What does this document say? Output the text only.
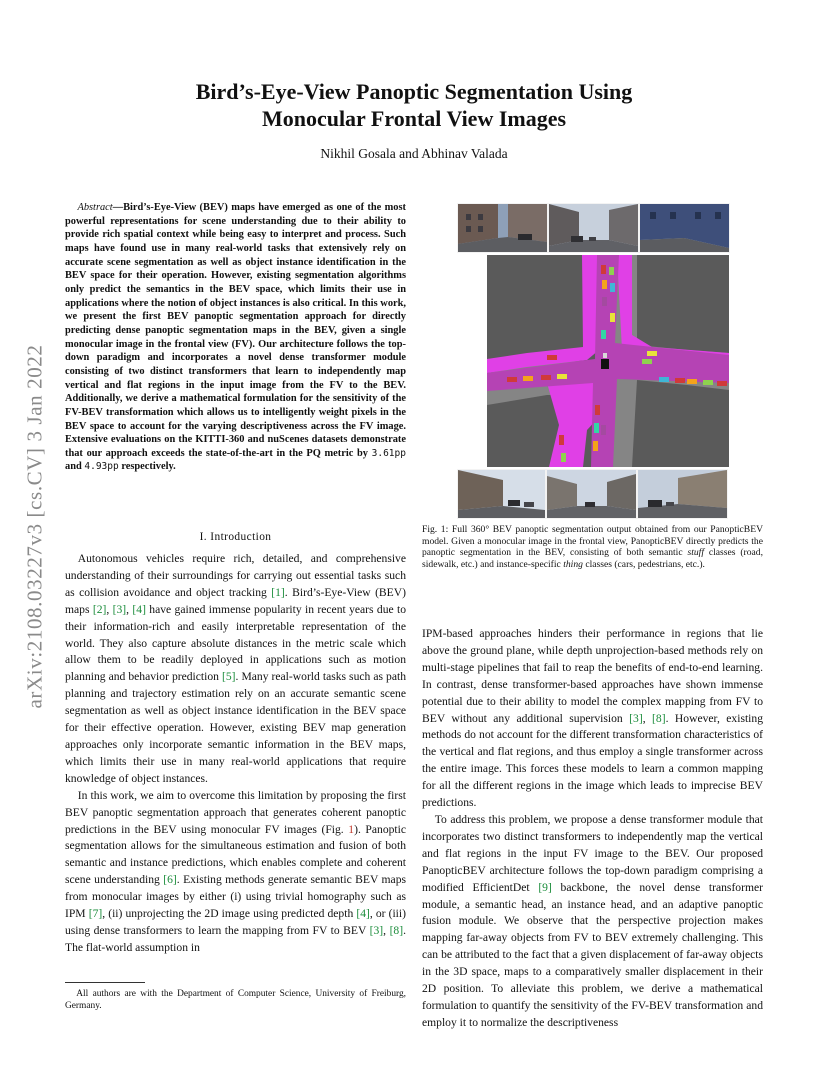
Bird’s-Eye-View Panoptic Segmentation Using
Monocular Frontal View Images
Nikhil Gosala and Abhinav Valada
arXiv:2108.03227v3 [cs.CV] 3 Jan 2022
Abstract—Bird’s-Eye-View (BEV) maps have emerged as one of the most powerful representations for scene understanding due to their ability to provide rich spatial context while being easy to interpret and process. Such maps have found use in many real-world tasks that extensively rely on accurate scene segmentation as well as object instance identification in the BEV space for their operation. However, existing segmentation algorithms only predict the semantics in the BEV space, which limits their use in applications where the notion of object instances is also critical. In this work, we present the first BEV panoptic segmentation approach for directly predicting dense panoptic segmentation maps in the BEV, given a single monocular image in the frontal view (FV). Our architecture follows the top-down paradigm and incorporates a novel dense transformer module consisting of two distinct transformers that learn to independently map vertical and flat regions in the input image from the FV to the BEV. Additionally, we derive a mathematical formulation for the sensitivity of the FV-BEV transformation which allows us to intelligently weight pixels in the BEV space to account for the varying descriptiveness across the FV image. Extensive evaluations on the KITTI-360 and nuScenes datasets demonstrate that our approach exceeds the state-of-the-art in the PQ metric by 3.61pp and 4.93pp respectively.
I. Introduction

Autonomous vehicles require rich, detailed, and comprehensive understanding of their surroundings for carrying out essential tasks such as collision avoidance and object tracking [1]. Bird’s-Eye-View (BEV) maps [2], [3], [4] have gained immense popularity in recent years due to their information-rich and easily interpretable representation of the world. They also capture absolute distances in the metric scale which allow them to be readily deployed in applications such as motion planning and behavior prediction [5]. Many real-world tasks such as path planning and trajectory estimation rely on an accurate semantic scene segmentation as well as object instance identification in the BEV space for their effective operation. However, existing BEV map generation approaches only incorporate semantic information in the BEV maps, which limits their use in many real-world applications that require knowledge of object instances.

In this work, we aim to overcome this limitation by proposing the first BEV panoptic segmentation approach that generates coherent panoptic predictions in the BEV using monocular FV images (Fig. 1). Panoptic segmentation allows for the simultaneous estimation and fusion of both semantic and instance predictions, which enables complete and coherent scene understanding [6]. Existing methods generate semantic BEV maps from monocular images by either (i) using trivial homography such as IPM [7], (ii) unprojecting the 2D image using predicted depth [4], or (iii) using dense transformers to learn the mapping from FV to BEV [3], [8]. The flat-world assumption in

All authors are with the Department of Computer Science, University of Freiburg, Germany.
Fig. 1: Full 360° BEV panoptic segmentation output obtained from our PanopticBEV model. Given a monocular image in the frontal view, PanopticBEV directly predicts the panoptic segmentation in the BEV, consisting of both semantic stuff classes (road, sidewalk, etc.) and instance-specific thing classes (cars, pedestrians, etc.).

IPM-based approaches hinders their performance in regions that lie above the ground plane, while depth unprojection-based methods rely on multi-stage pipelines that fail to reap the benefits of end-to-end learning. In contrast, dense transformer-based approaches have shown immense potential due to their ability to model the complex mapping from FV to BEV without any additional supervision [3], [8]. However, existing methods do not account for the different transformation characteristics of the vertical and flat regions, and thus employ a single transformer across the entire image. This forces these models to learn a common mapping for all the different regions in the image which leads to imprecise BEV predictions.

To address this problem, we propose a dense transformer module that incorporates two distinct transformers to independently map the vertical and flat regions in the input FV image to the BEV. Our proposed PanopticBEV architecture follows the top-down paradigm comprising a modified EfficientDet [9] backbone, the novel dense transformer module, a semantic head, an instance head, and an adaptive panoptic fusion module. We observe that the perspective projection makes mapping far-away objects from FV to BEV extremely challenging. This can be attributed to the fact that a given displacement of far-away objects in the 3D space, maps to a comparatively smaller displacement in their 2D position. To alleviate this problem, we derive a mathematical formulation to quantify the sensitivity of the FV-BEV transformation and employ it to normalize the descriptiveness
